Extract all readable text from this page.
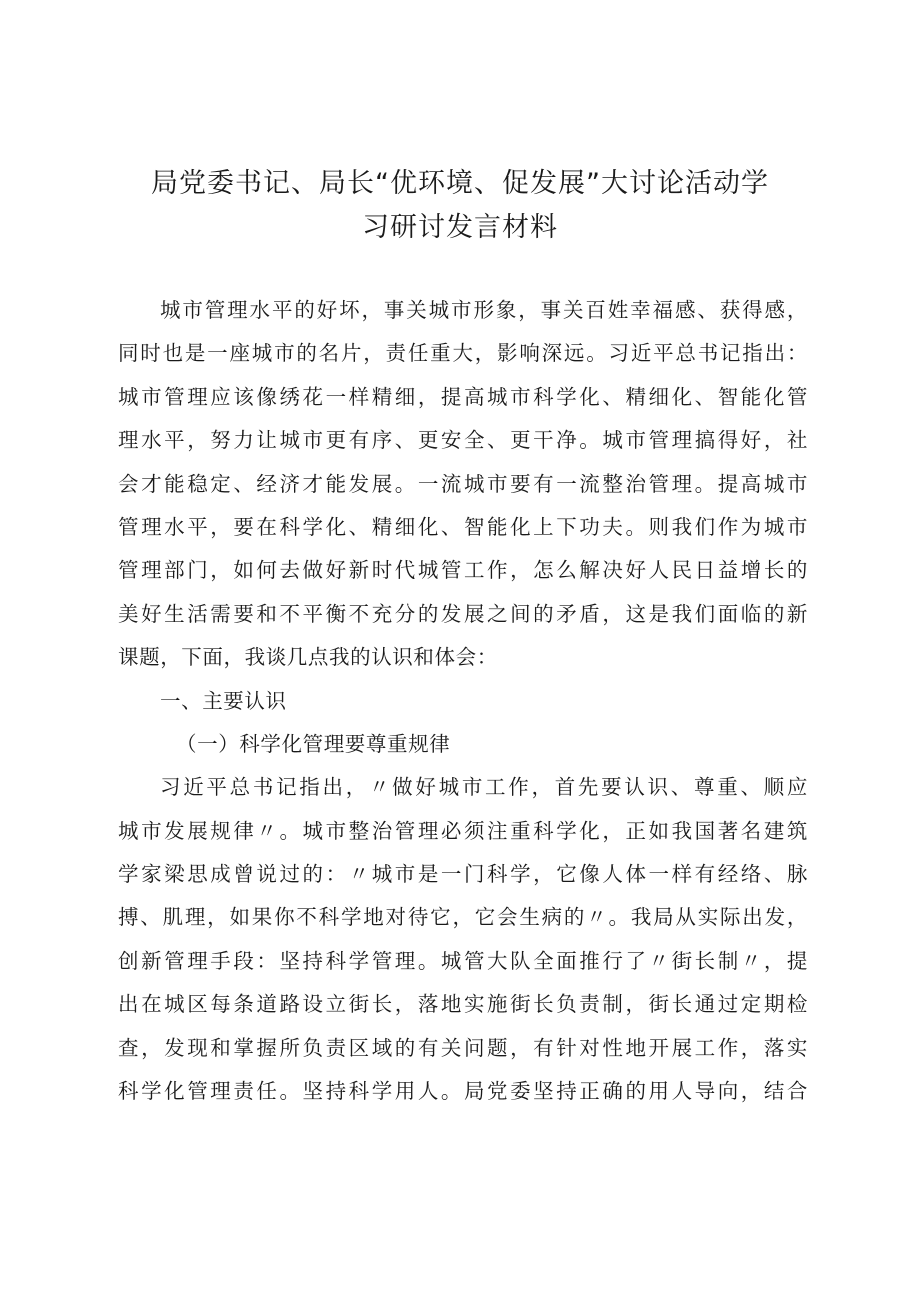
局党委书记、局长“优环境、促发展”大讨论活动学
习研讨发言材料
城市管理水平的好坏，事关城市形象，事关百姓幸福感、获得感，
同时也是一座城市的名片，责任重大，影响深远。习近平总书记指出：
城市管理应该像绣花一样精细，提高城市科学化、精细化、智能化管
理水平，努力让城市更有序、更安全、更干净。城市管理搞得好，社
会才能稳定、经济才能发展。一流城市要有一流整治管理。提高城市
管理水平，要在科学化、精细化、智能化上下功夫。则我们作为城市
管理部门，如何去做好新时代城管工作，怎么解决好人民日益增长的
美好生活需要和不平衡不充分的发展之间的矛盾，这是我们面临的新
课题，下面，我谈几点我的认识和体会：
一、主要认识
（一）科学化管理要尊重规律
习近平总书记指出，〃做好城市工作，首先要认识、尊重、顺应
城市发展规律〃。城市整治管理必须注重科学化，正如我国著名建筑
学家梁思成曾说过的：〃城市是一门科学，它像人体一样有经络、脉
搏、肌理，如果你不科学地对待它，它会生病的〃。我局从实际出发，
创新管理手段：坚持科学管理。城管大队全面推行了〃街长制〃，提
出在城区每条道路设立街长，落地实施街长负责制，街长通过定期检
查，发现和掌握所负责区域的有关问题，有针对性地开展工作，落实
科学化管理责任。坚持科学用人。局党委坚持正确的用人导向，结合
